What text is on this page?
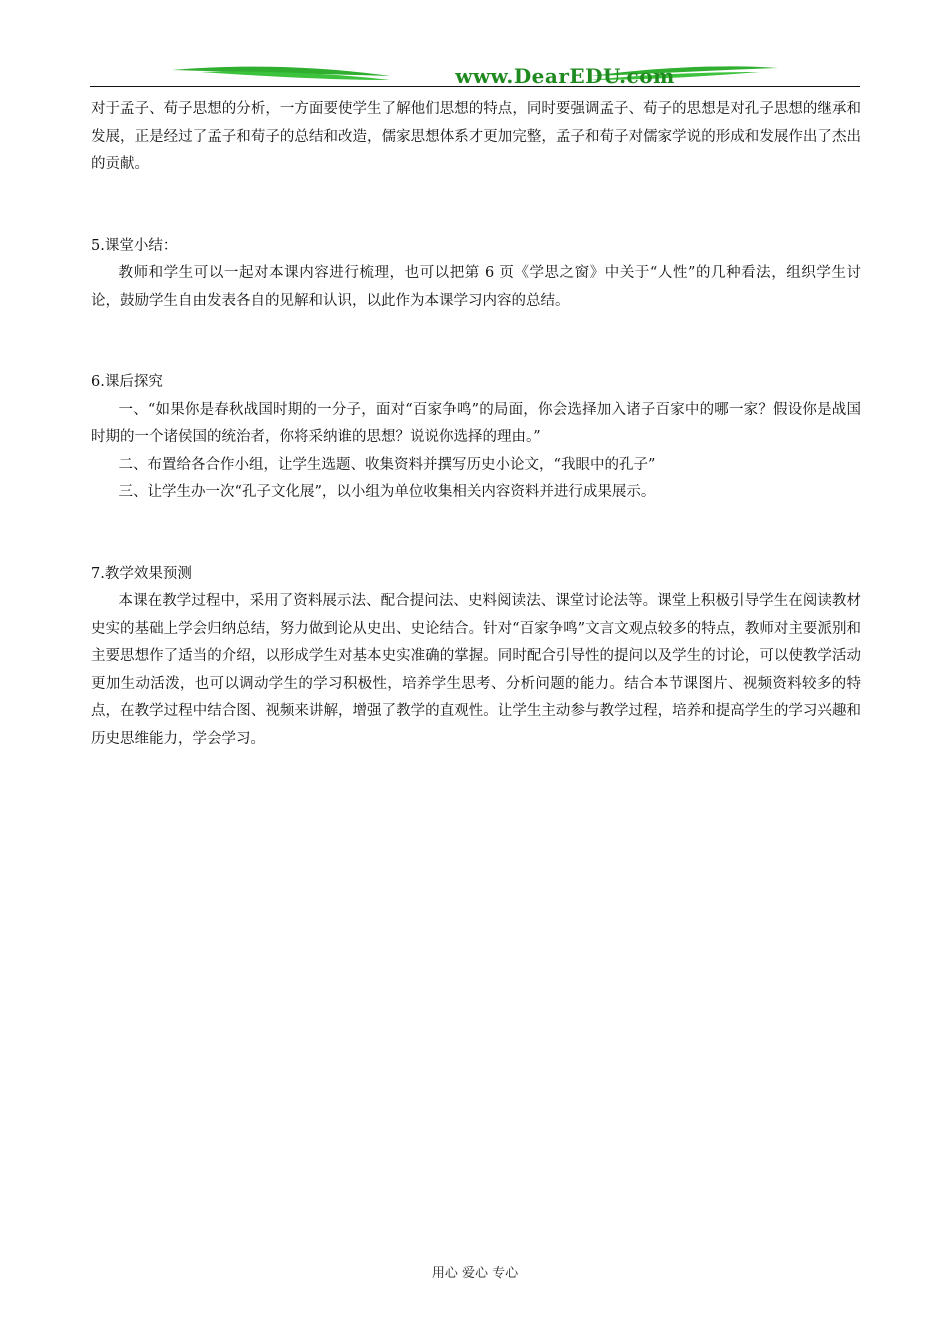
www.DearEDU.com

对于孟子、荀子思想的分析，一方面要使学生了解他们思想的特点，同时要强调孟子、荀子的思想是对孔子思想的继承和发展，正是经过了孟子和荀子的总结和改造，儒家思想体系才更加完整，孟子和荀子对儒家学说的形成和发展作出了杰出的贡献。

5.课堂小结：

教师和学生可以一起对本课内容进行梳理，也可以把第 6 页《学思之窗》中关于“人性”的几种看法，组织学生讨论，鼓励学生自由发表各自的见解和认识，以此作为本课学习内容的总结。

6.课后探究

一、“如果你是春秋战国时期的一分子，面对“百家争鸣”的局面，你会选择加入诸子百家中的哪一家？假设你是战国时期的一个诸侯国的统治者，你将采纳谁的思想？说说你选择的理由。”

二、布置给各合作小组，让学生选题、收集资料并撰写历史小论文，“我眼中的孔子”

三、让学生办一次“孔子文化展”，以小组为单位收集相关内容资料并进行成果展示。

7.教学效果预测

本课在教学过程中，采用了资料展示法、配合提问法、史料阅读法、课堂讨论法等。课堂上积极引导学生在阅读教材史实的基础上学会归纳总结，努力做到论从史出、史论结合。针对“百家争鸣”文言文观点较多的特点，教师对主要派别和主要思想作了适当的介绍，以形成学生对基本史实准确的掌握。同时配合引导性的提问以及学生的讨论，可以使教学活动更加生动活泼，也可以调动学生的学习积极性，培养学生思考、分析问题的能力。结合本节课图片、视频资料较多的特点，在教学过程中结合图、视频来讲解，增强了教学的直观性。让学生主动参与教学过程，培养和提高学生的学习兴趣和历史思维能力，学会学习。

用心 爱心 专心
